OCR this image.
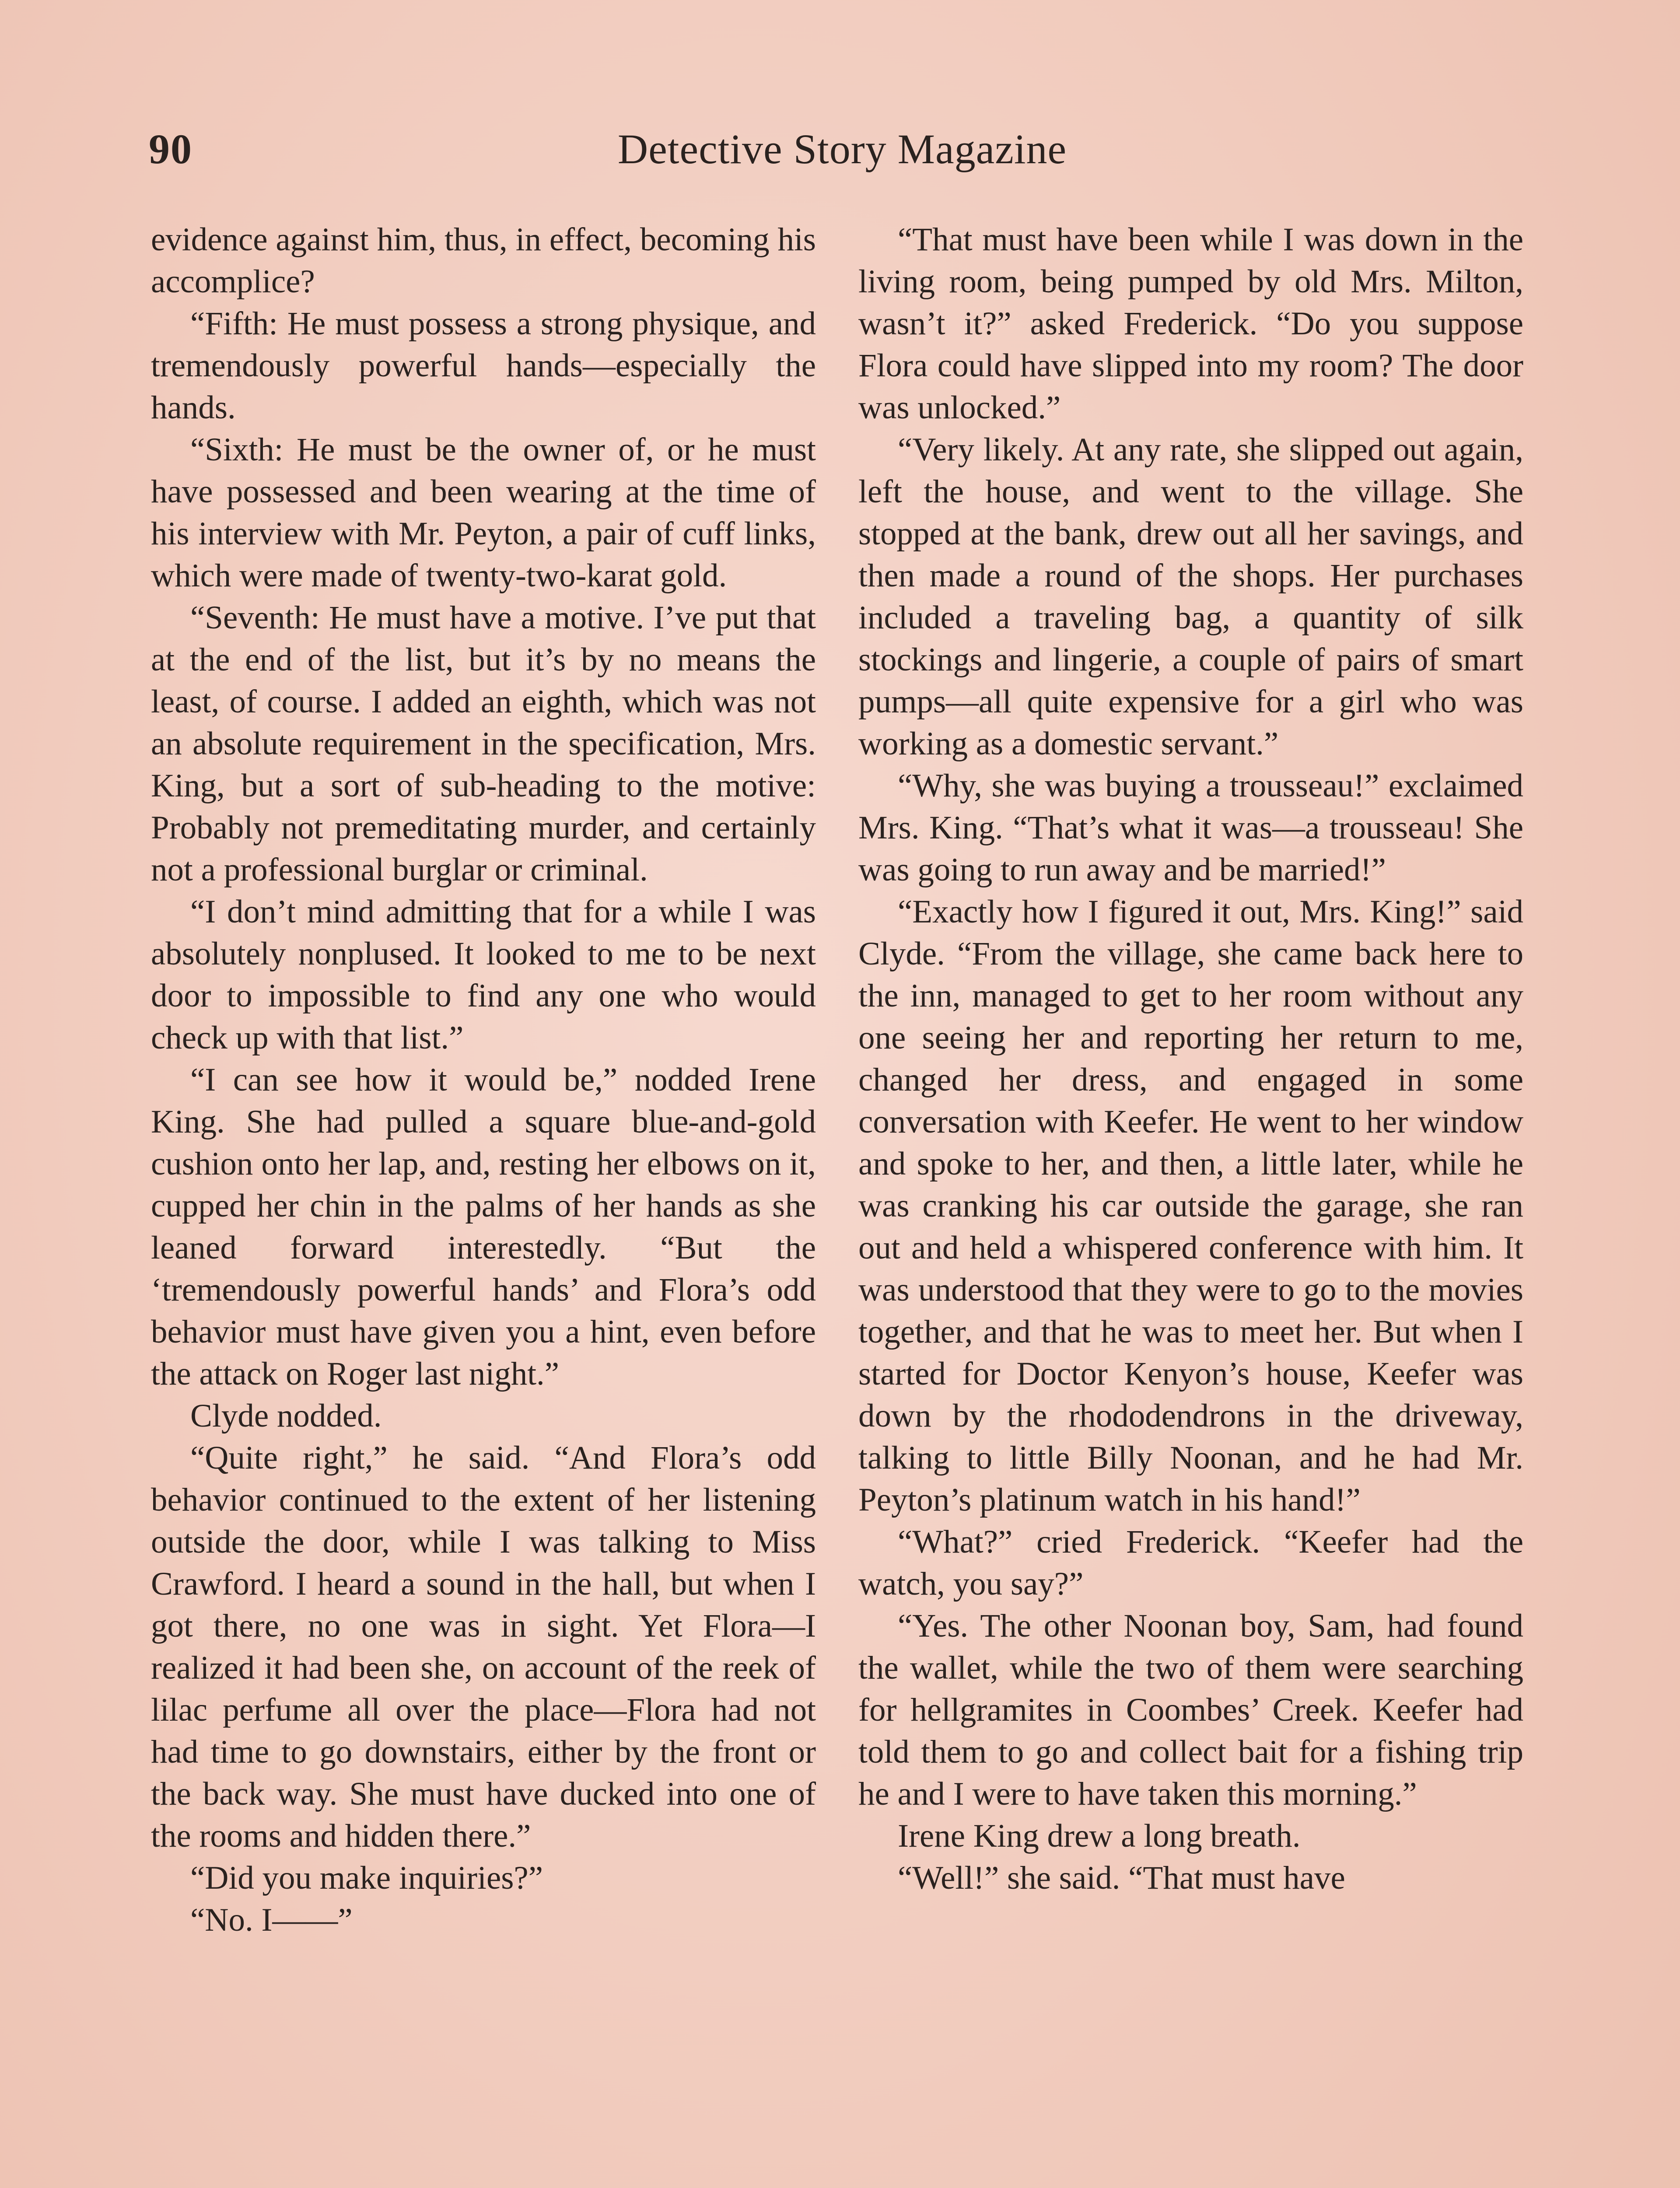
90	Detective Story Magazine

evidence against him, thus, in effect, becoming his accomplice?

“Fifth: He must possess a strong physique, and tremendously powerful hands—especially the hands.

“Sixth: He must be the owner of, or he must have possessed and been wearing at the time of his interview with Mr. Peyton, a pair of cuff links, which were made of twenty-two-karat gold.

“Seventh: He must have a motive. I’ve put that at the end of the list, but it’s by no means the least, of course. I added an eighth, which was not an absolute requirement in the specification, Mrs. King, but a sort of sub-heading to the motive: Probably not premeditating murder, and certainly not a professional burglar or criminal.

“I don’t mind admitting that for a while I was absolutely nonplused. It looked to me to be next door to impossible to find any one who would check up with that list.”

“I can see how it would be,” nodded Irene King. She had pulled a square blue-and-gold cushion onto her lap, and, resting her elbows on it, cupped her chin in the palms of her hands as she leaned forward interestedly. “But the ‘tremendously powerful hands’ and Flora’s odd behavior must have given you a hint, even before the attack on Roger last night.”

Clyde nodded.

“Quite right,” he said. “And Flora’s odd behavior continued to the extent of her listening outside the door, while I was talking to Miss Crawford. I heard a sound in the hall, but when I got there, no one was in sight. Yet Flora—I realized it had been she, on account of the reek of lilac perfume all over the place—Flora had not had time to go downstairs, either by the front or the back way. She must have ducked into one of the rooms and hidden there.”

“Did you make inquiries?”

“No. I——”

“That must have been while I was down in the living room, being pumped by old Mrs. Milton, wasn’t it?” asked Frederick. “Do you suppose Flora could have slipped into my room? The door was unlocked.”

“Very likely. At any rate, she slipped out again, left the house, and went to the village. She stopped at the bank, drew out all her savings, and then made a round of the shops. Her purchases included a traveling bag, a quantity of silk stockings and lingerie, a couple of pairs of smart pumps—all quite expensive for a girl who was working as a domestic servant.”

“Why, she was buying a trousseau!” exclaimed Mrs. King. “That’s what it was—a trousseau! She was going to run away and be married!”

“Exactly how I figured it out, Mrs. King!” said Clyde. “From the village, she came back here to the inn, managed to get to her room without any one seeing her and reporting her return to me, changed her dress, and engaged in some conversation with Keefer. He went to her window and spoke to her, and then, a little later, while he was cranking his car outside the garage, she ran out and held a whispered conference with him. It was understood that they were to go to the movies together, and that he was to meet her. But when I started for Doctor Kenyon’s house, Keefer was down by the rhododendrons in the driveway, talking to little Billy Noonan, and he had Mr. Peyton’s platinum watch in his hand!”

“What?” cried Frederick. “Keefer had the watch, you say?”

“Yes. The other Noonan boy, Sam, had found the wallet, while the two of them were searching for hellgramites in Coombes’ Creek. Keefer had told them to go and collect bait for a fishing trip he and I were to have taken this morning.”

Irene King drew a long breath.

“Well!” she said. “That must have
